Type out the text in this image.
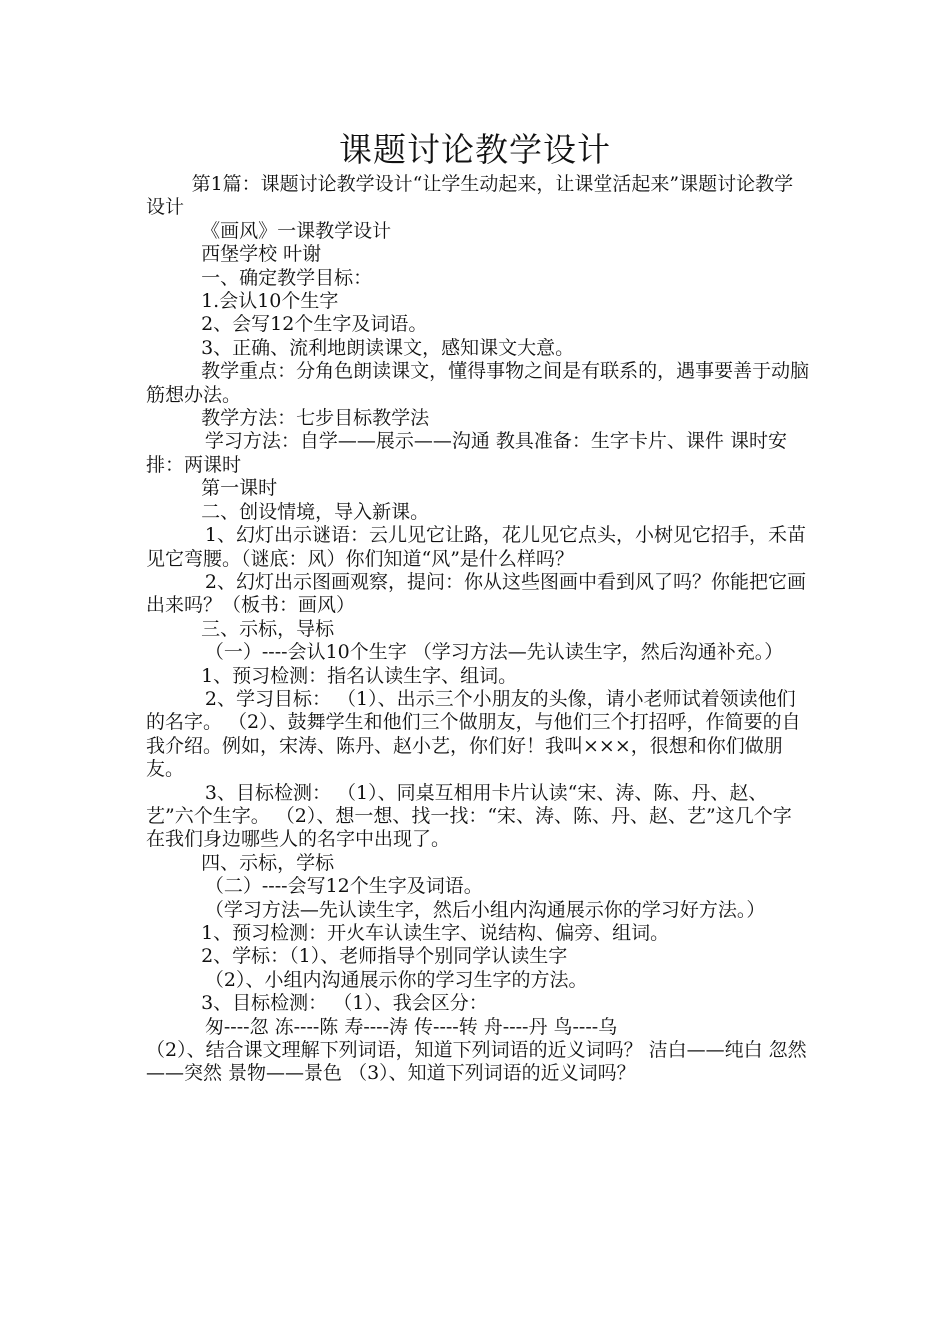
课题讨论教学设计

第1篇：课题讨论教学设计“让学生动起来，让课堂活起来”课题讨论教学设计

《画风》一课教学设计

西堡学校 叶谢

一、确定教学目标：

1.会认10个生字

2、会写12个生字及词语。

3、正确、流利地朗读课文，感知课文大意。

教学重点：分角色朗读课文，懂得事物之间是有联系的，遇事要善于动脑筋想办法。

教学方法：七步目标教学法

学习方法：自学——展示——沟通 教具准备：生字卡片、课件 课时安排：两课时

第一课时

二、创设情境，导入新课。

1、幻灯出示谜语：云儿见它让路，花儿见它点头，小树见它招手，禾苗见它弯腰。（谜底：风）你们知道“风”是什么样吗？

2、幻灯出示图画观察，提问：你从这些图画中看到风了吗？你能把它画出来吗？（板书：画风）

三、示标，导标

（一）----会认10个生字 （学习方法—先认读生字，然后沟通补充。）

1、预习检测：指名认读生字、组词。

2、学习目标： （1）、出示三个小朋友的头像，请小老师试着领读他们的名字。 （2）、鼓舞学生和他们三个做朋友，与他们三个打招呼，作简要的自我介绍。例如，宋涛、陈丹、赵小艺，你们好！我叫×××，很想和你们做朋友。

3、目标检测： （1）、同桌互相用卡片认读“宋、涛、陈、丹、赵、艺”六个生字。 （2）、想一想、找一找：“宋、涛、陈、丹、赵、艺”这几个字在我们身边哪些人的名字中出现了。

四、示标，学标

（二）----会写12个生字及词语。

（学习方法—先认读生字，然后小组内沟通展示你的学习好方法。）

1、预习检测：开火车认读生字、说结构、偏旁、组词。

2、学标：（1）、老师指导个别同学认读生字

（2）、小组内沟通展示你的学习生字的方法。

3、目标检测： （1）、我会区分：

匆----忽 冻----陈 寿----涛 传----转 舟----丹 鸟----乌

（2）、结合课文理解下列词语，知道下列词语的近义词吗？ 洁白——纯白 忽然——突然 景物——景色 （3）、知道下列词语的近义词吗？
